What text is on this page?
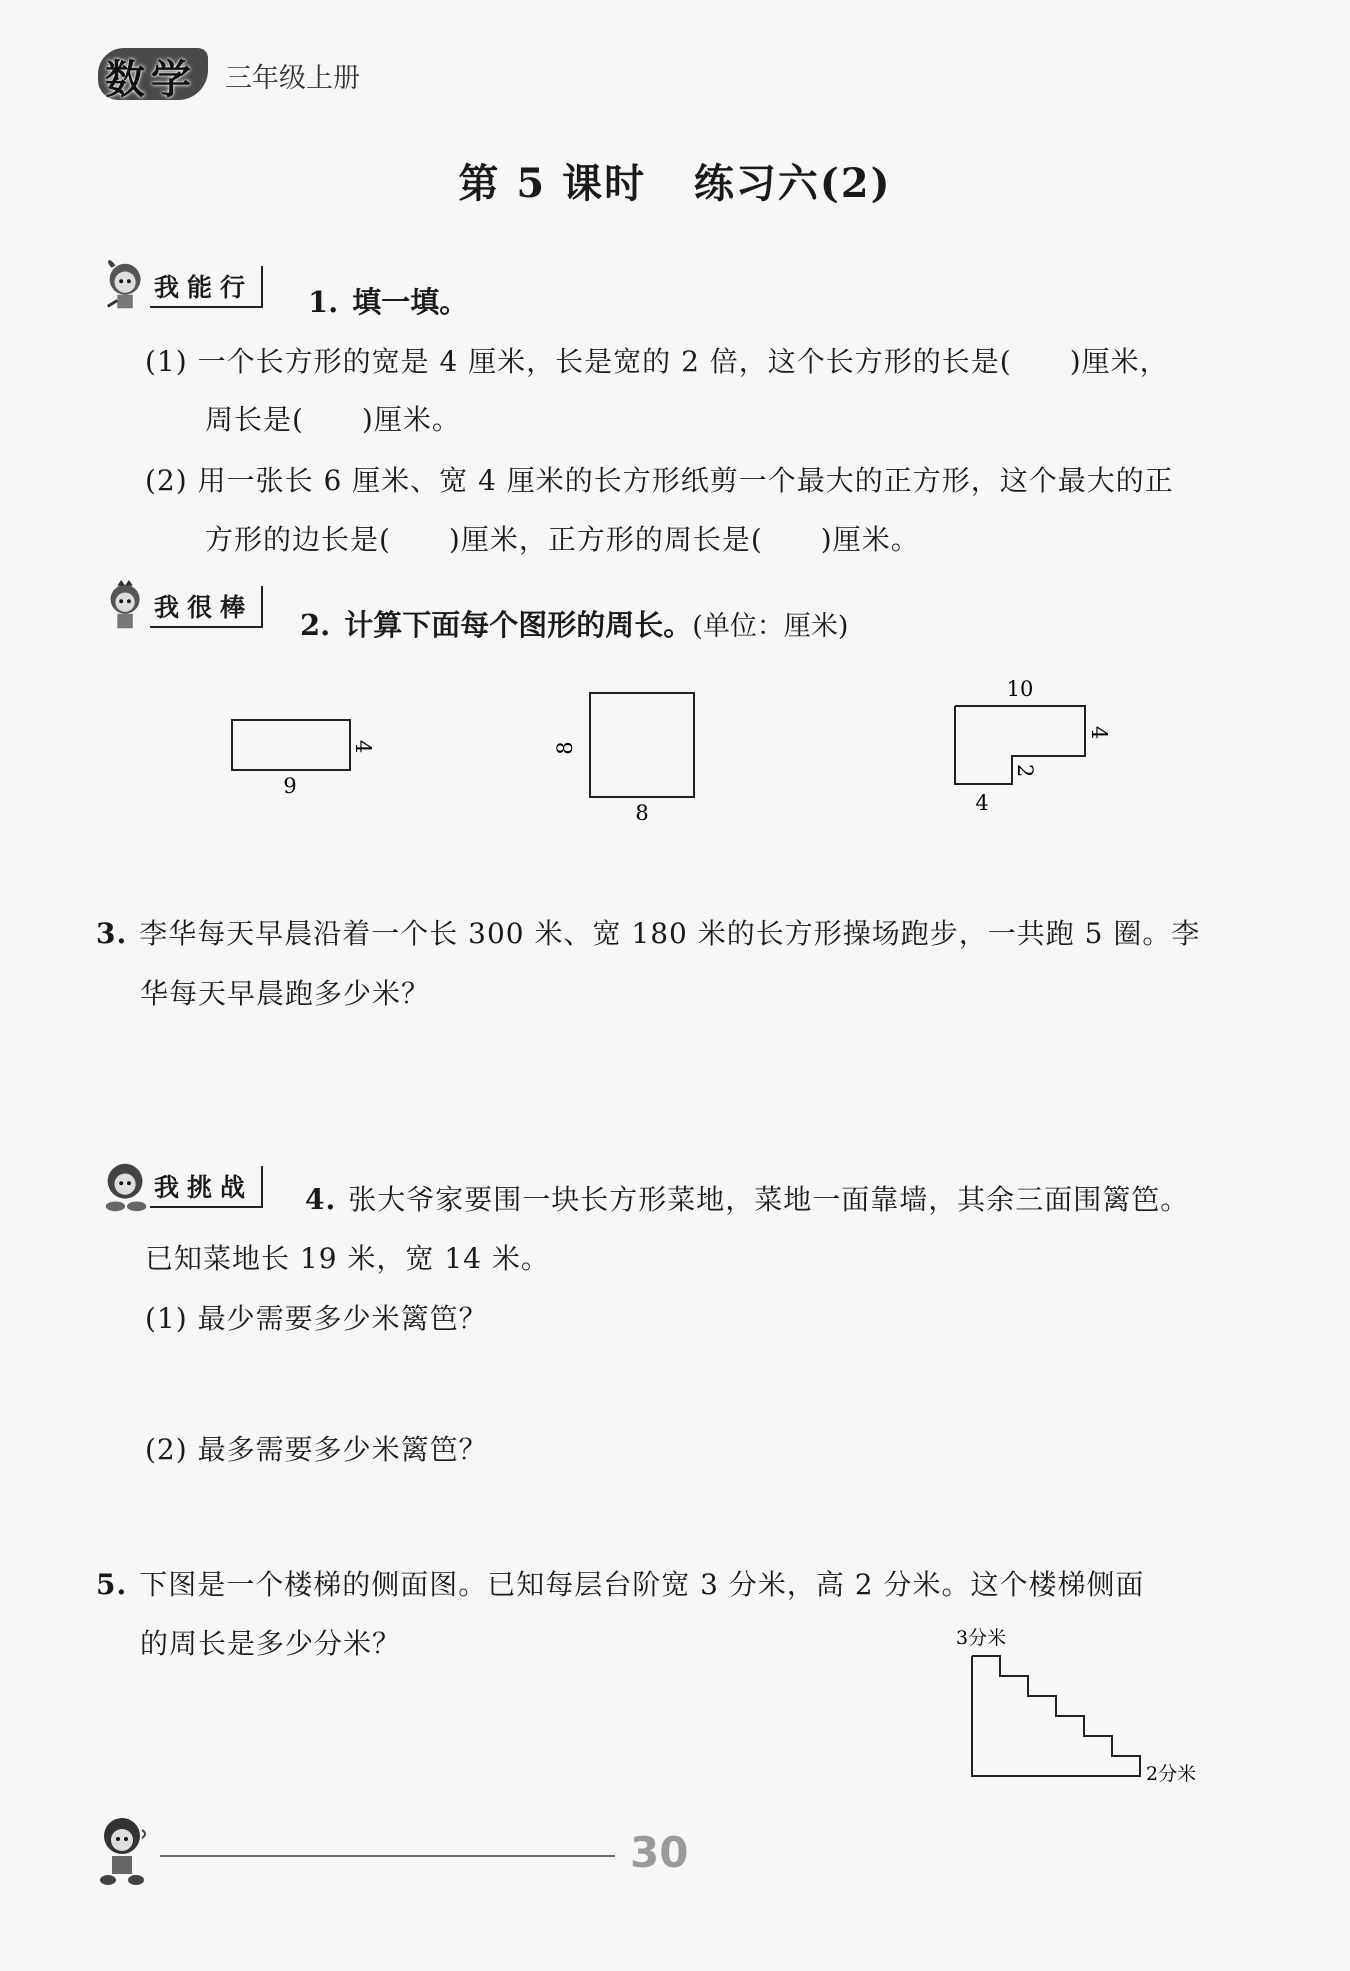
数学 三年级上册
第 5 课时   练习六(2)
我能行	1. 填一填。
(1) 一个长方形的宽是 4 厘米，长是宽的 2 倍，这个长方形的长是(　　)厘米，
周长是(　　)厘米。
(2) 用一张长 6 厘米、宽 4 厘米的长方形纸剪一个最大的正方形，这个最大的正
方形的边长是(　　)厘米，正方形的周长是(　　)厘米。
我很棒
2. 计算下面每个图形的周长。(单位：厘米)
9
4	8
8
10
4
2
4
3. 李华每天早晨沿着一个长 300 米、宽 180 米的长方形操场跑步，一共跑 5 圈。李
华每天早晨跑多少米？
我挑战	4. 张大爷家要围一块长方形菜地，菜地一面靠墙，其余三面围篱笆。
已知菜地长 19 米，宽 14 米。
(1) 最少需要多少米篱笆？
(2) 最多需要多少米篱笆？
5. 下图是一个楼梯的侧面图。已知每层台阶宽 3 分米，高 2 分米。这个楼梯侧面
的周长是多少分米？	3分米
2分米
30
